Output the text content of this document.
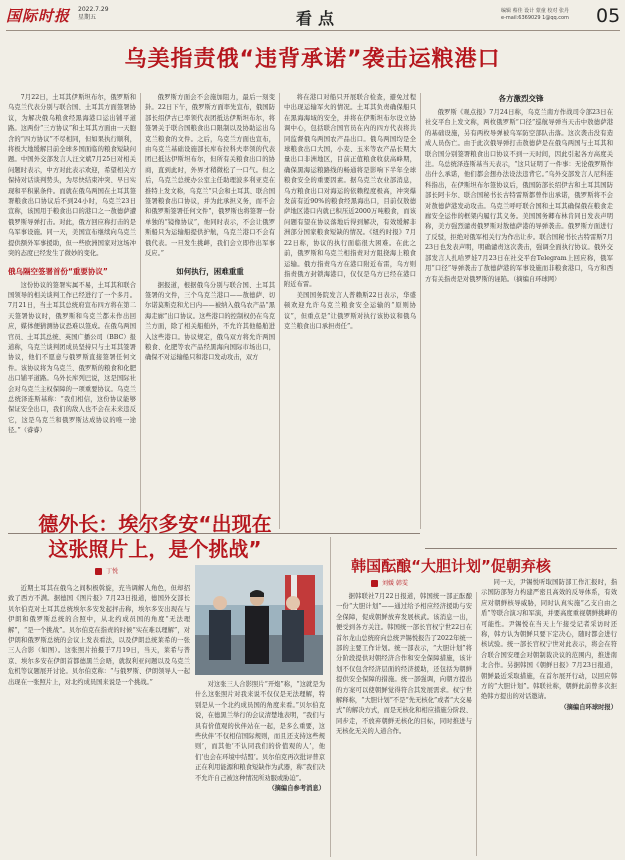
国际时报	2022.7.29
星期五	看点	编辑 蔡佳 设计 蒙童 校对 张丹
e-mail:6369029 1@qq.com 05
乌美指责俄“违背承诺”袭击运粮港口
7月22日，土耳其伊斯坦布尔，俄罗斯和乌克兰代表分别与联合国、土耳其方面签署协议，为解决俄乌粮食经黑海港口运出铺平道路。这两份“三方协议”和土耳其方面由一天胞含的“四方协议”不尽相同，但如果执行顺利，将极大地缓解目前全球多国面临的粮食短缺问题。中国外交部发言人汪文斌7月25日对相关问题时表示，中方对此表示欢迎，希望相关方保持对话谈判势头，为尽快结束冲突、早日实现和平积累条件。而就在俄乌两国在土耳其签署粮食出口协议后不到24小时，乌克兰23日宣称，该国用于粮食出口的港口之一敖德萨遭俄罗斯导弹打击。对此，俄方回应称打击的是乌军事设施。同一天，美国宣布继续向乌克兰提供额外军事援助，但一些欧洲国家对这场冲突的态度已经发生了微妙的变化。
俄乌隔空签署首份“重要协议”
这份协议的签署实属不易，土耳其和联合国领导的相关谈判工作已经进行了一个多月。7月21日，当土耳其总统府宣布四方将在第二天签署协议时，俄罗斯和乌克兰都未作出回应，媒体便猜测协议恐难以签成。在俄乌两国官员、土耳其总统、英国广播公司（BBC）报道称，乌克兰谈判团成员坚持只与土耳其签署协议，他们不愿意与俄罗斯直接签署任何文件。该协议将为乌克兰、俄罗斯的粮食和化肥出口铺平道路。乌外长库列巴说，这是国际社会对乌克兰主权保障的一项重要协议。乌克兰总统泽连斯基称：“我们相信，这份协议能够保证安全出口，我们的敌人也不会在未来违反它，这是乌克兰和俄罗斯达成协议的唯一途径。”（睿睿）
俄罗斯方面会不会施加阻力，最后一刻变卦。22日下午，俄罗斯方面率先宣布，俄国防部长绍伊古已率领代表团抵达伊斯坦布尔，将签署关于联合国粮食出口限制以及协助运出乌克兰粮食的文件。之后，乌克兰方面也宣布，由乌克兰基础设施部长库布拉科夫率领的代表团已抵达伊斯坦布尔，但所有关粮食出口的协商，直到此时，外界才稍微松了一口气。但之后，乌克兰总统办公室主任助理波多利亚克在推特上发文称，乌克兰“只会和土耳其、联合国签署粮食出口协议，并为此承担义务，而不会和俄罗斯签署任何文件”，俄罗斯也将签署一份单独的“镜像协议”，他同时表示，不会让俄罗斯船只为运输船提供护航，乌克兰港口不会有俄代表。一旦发生挑衅，我们会立即作出军事反应。”
如何执行，困难重重
据报道，根据俄乌分别与联合国、土耳其签署的文件，三个乌克兰港口——敖德萨、切尔诺莫斯克和尤日内——被纳入俄乌农产品“黑海走廊”出口协议。这些港口的控制权仍在乌克兰方面，除了相关船舶外，不允许其他船舶进入这些港口。协议规定，俄乌双方将允许两国粮食、化肥等农产品经黑海向国际市场出口，确保不对运输船只和港口发动攻击，双方
将在港口对船只开展联合检查，避免过程中出现运输军火的情况。土耳其负责确保船只在黑海海域的安全，并将在伊斯坦布尔设立协调中心，包括联合国官员在内的四方代表将共同监督俄乌两国农产品出口。俄乌两国均是全球粮食出口大国，小麦、玉米等农产品长期大量出口非洲地区，目前正值粮食收获高峰期，确保黑海运粮路线的畅通将是影响下半年全球粮食安全的重要因素。据乌克兰农业部消息，乌方粮食出口对海运的依赖程度极高，冲突爆发前有近90%的粮食经黑海出口，目前仅敖德萨地区港口内就已积压近2000万吨粮食，而该问题有望在协议落地后得到解决，有效缓解非洲部分国家粮食短缺的情况。《纽约时报》7月22日称，协议的执行面临很大困难。在此之前，俄罗斯和乌克兰相指责对方阻挠海上粮食运输。俄方指责乌方在港口附近布雷，乌方则指责俄方封锁海港口，仅仅是乌方已经在港口附近布雷。
美国国务院发言人普赖斯22日表示，华盛顿欢迎允许乌克兰粮食安全运输的“原则协议”，但重点是“让俄罗斯对执行该协议和俄乌克兰粮食出口承担责任”。
各方激烈交锋
俄罗斯《观点报》7月24日称，乌克兰南方作战司令部23日在社交平台上发文称，两枚俄罗斯“口径”巡航导弹当天击中敖德萨港的基础设施，另有两枚导弹被乌军防空部队击落。这次袭击没有造成人员伤亡。由于此次俄导弹打击敖德萨是在俄乌两国与土耳其和联合国分别签署粮食出口协议不到一天时间，因此引起各方高度关注。乌总统泽连斯基当天表示，“这只证明了一件事：无论俄罗斯作出什么承诺，他们都会想办法设法违背它。”乌外交部发言人尼科连科指出，在伊斯坦布尔签协议后，俄国防部长绍伊古和土耳其国防部长阿卡尔、联合国秘书长古特雷斯都曾作出承诺，俄罗斯将不会对敖德萨港发动攻击。乌克兰呼吁联合国和土耳其确保俄在粮食走廊安全运作的框架内履行其义务。美国国务卿布林肯同日发表声明称，美方强烈谴责俄罗斯对敖德萨港的导弹袭击。俄罗斯方面进行了反驳，拒绝对俄军相关行为作出让步。联合国秘书长古特雷斯7月23日也发表声明，明确谴责这次袭击，强调全面执行协议。俄外交部发言人扎哈罗娃7月23日在社交平台Telegram上回应称，俄军用“口径”导弹袭击了敖德萨港的军事设施而非粮食港口，乌方和西方有关指责是对俄罗斯的诬陷。（摘编自环球网）
德外长：埃尔多安“出现在
这张照片上，是个挑战”
丁悦
近期土耳其在俄乌之间积极斡旋，充当调解人角色，但却招致了西方不满。据德国《图片报》7月23日报道，德国外交部长贝尔伯克对土耳其总统埃尔多安发起抨击称，埃尔多安出现在与伊朗和俄罗斯总统的合照中，从北约成员国的角度“无法理解”，“是一个挑战”。贝尔伯克在指责的时候“实在难以理解”，对伊朗和俄罗斯总统的会议上发表看法，以及伊朗总统莱希的一张三人合影（如图）。这张照片拍摄于7月19日，当天，莱希与普京、埃尔多安在伊朗首都德黑兰会晤，就叙利亚问题以及乌克兰危机等议题展开讨论。贝尔伯克称：“与俄罗斯、伊朗领导人一起出现在一张照片上，对北约成员国来说是一个挑战。”	对这张三人合影照片“开炮”称，“这就是为什么这张照片对我来说不仅仅是无法理解，特别是从一个北约成员国的角度来看。”贝尔伯克说，在德黑兰举行的会议清楚地表明，“我们与具有价值观的伙伴站在一起，是多么重要，这些伙伴‘不仅相信国际规则，而且还支持这些规则’，而其他‘不认同我们的价值观的人’，他们‘也会在环境中结盟’。贝尔伯克再次批评普京正在利用能源和粮食短缺作为武器，称“我们决不允许自己被这种情况所劝服或胁迫”。
（摘编自参考消息）
韩国酝酿“大胆计划”促朝弃核
刘媛 韩雯
据韩联社7月22日报道，韩国统一部正酝酿一份“大胆计划”——通过给予相应经济援助与安全保障，促成朝鲜放弃发展核武。该消息一出，便受到各方关注。韩国统一部长官权宁世22日在首尔龙山总统府向总统尹锡悦报告了2022年统一部的主要工作计划。统一部表示，“大胆计划”将分阶段提供对朝经济合作和安全保障措施，该计划不仅包含经济层面的经济援助，还包括为朝鲜提供安全保障的措施。统一部强调，向朝方提出的方案可以使朝鲜觉得符合其发展需求。权宁世解释称，“大胆计划”不是“先无核化”或者“大交易式”的解决方式，而是无核化和相应措施分阶段、同步走，不放弃朝鲜无核化的目标，同时推进与无核化无关的人道合作。
同一天，尹锡悦听取国防部工作汇报时，指示国防部努力构建严密且高效的反导体系，有效应对朝鲜核导威胁，同时认真实施“乙支自由之盾”等联合演习和军演，并要高度重视朝鲜挑衅的可能性。尹锡悦在当天上午接受记者采访时还称，韩方认为朝鲜只要下定决心，随时都会进行核试验。统一部长官权宁世对此表示，将会在符合联合国安理会对朝制裁决议的范围内，推进南北合作。另据韩国《朝鲜日报》7月23日报道，朝鲜最近采取措施，在首尔展开行动，以回应韩方的“大胆计划”。韩联社称，朝鲜此前曾多次拒绝韩方提出的对话邀请。
（摘编自环球时报）
